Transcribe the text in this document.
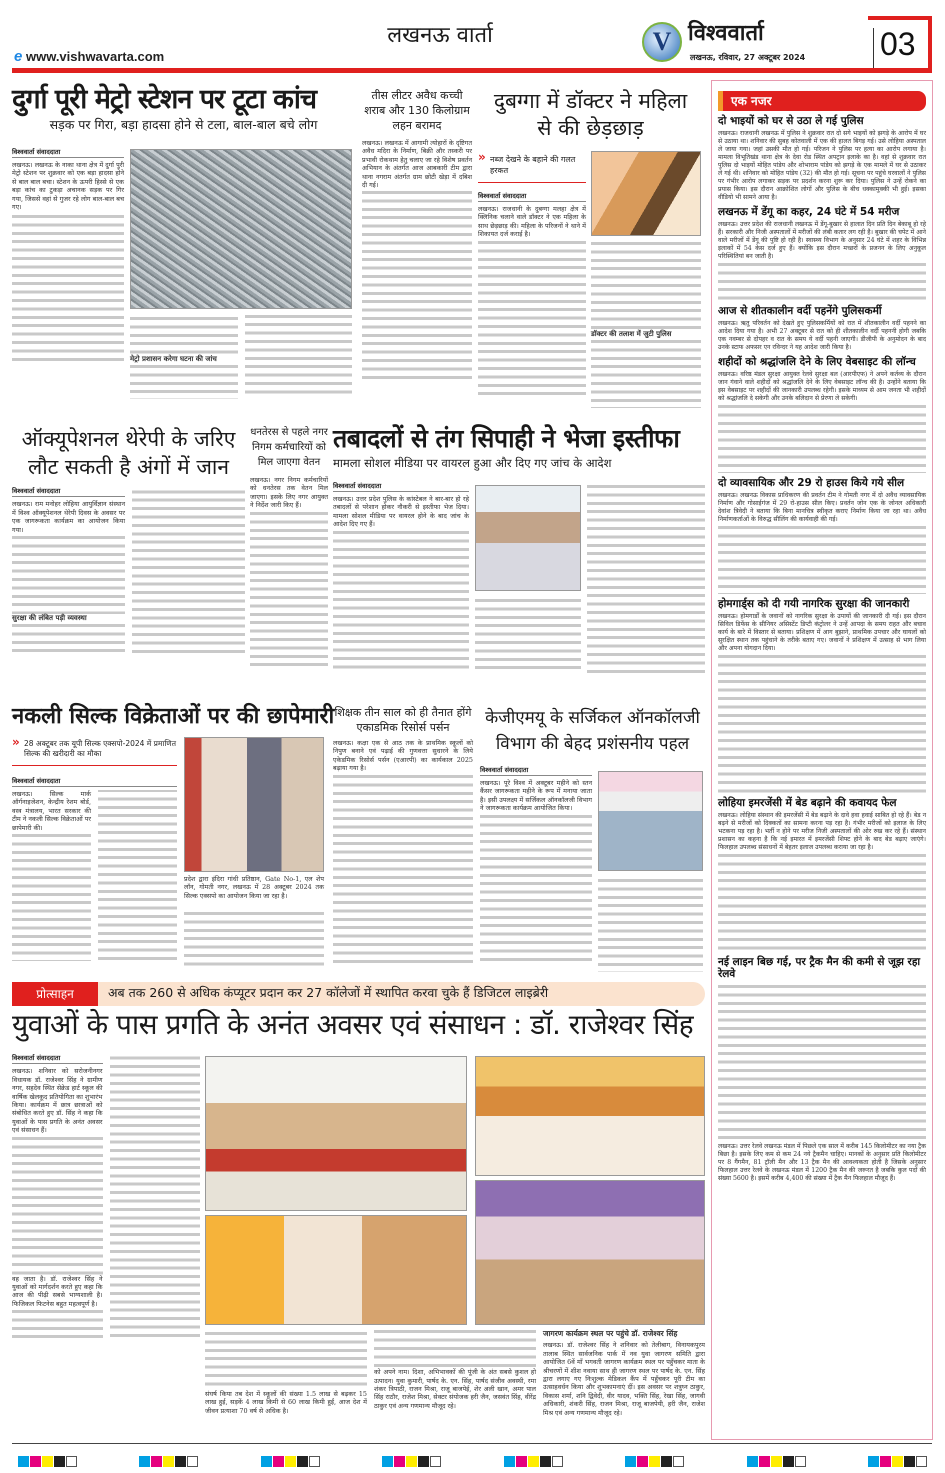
लखनऊ वार्ता
e www.vishwavarta.com
V विश्ववार्ता
लखनऊ, रविवार, 27 अक्टूबर 2024 03
दुर्गा पूरी मेट्रो स्टेशन पर टूटा कांच
सड़क पर गिरा, बड़ा हादसा होने से टला, बाल-बाल बचे लोग
विश्ववार्ता संवाददाता
लखनऊ। लखनऊ के नाका थाना क्षेत्र में दुर्गा पुरी मेट्रो स्टेशन पर शुक्रवार को एक बड़ा हादसा होने से बाल बाल बचा। स्टेशन के ऊपरी हिस्से से एक बड़ा कांच का टुकड़ा अचानक सड़क पर गिर गया, जिससे वहां से गुजर रहे लोग बाल-बाल बच गए।
मेट्रो प्रशासन करेगा घटना की जांच
तीस लीटर अवैध कच्ची शराब और 130 किलोग्राम लहन बरामद
लखनऊ। लखनऊ में आगामी त्योहारों के दृष्टिगत अवैध मदिरा के निर्माण, बिक्री और तस्करी पर प्रभावी रोकथाम हेतु चलाए जा रहे विशेष प्रवर्तन अभियान के अंतर्गत आज आबकारी टीम द्वारा थाना नगराम अंतर्गत ग्राम छोटी खेड़ा में दबिश दी गई।
दुबग्गा में डॉक्टर ने महिला से की छेड़छाड़
» नब्ज देखने के बहाने की गलत हरकत
विश्ववार्ता संवाददाता
लखनऊ। राजधानी के दुबग्गा मलहा क्षेत्र में क्लिनिक चलाने वाले डॉक्टर ने एक महिला के साथ छेड़छाड़ की। महिला के परिजनों ने थाने में शिकायत दर्ज कराई है।
डॉक्टर की तलाश में जुटी पुलिस
ऑक्यूपेशनल थेरेपी के जरिए लौट सकती है अंगों में जान
विश्ववार्ता संवाददाता
लखनऊ। राम मनोहर लोहिया आयुर्विज्ञान संस्थान में विश्व ऑक्यूपेशनल थेरेपी दिवस के अवसर पर एक जागरूकता कार्यक्रम का आयोजन किया गया।
सुरक्षा की लंबित पड़ी व्यवस्था
धनतेरस से पहले नगर निगम कर्मचारियों को मिल जाएगा वेतन
लखनऊ। नगर निगम कर्मचारियों को धनतेरस तक वेतन मिल जाएगा। इसके लिए नगर आयुक्त ने निर्देश जारी किए हैं।
तबादलों से तंग सिपाही ने भेजा इस्तीफा
मामला सोशल मीडिया पर वायरल हुआ और दिए गए जांच के आदेश
विश्ववार्ता संवाददाता
लखनऊ। उत्तर प्रदेश पुलिस के कांस्टेबल ने बार-बार हो रहे तबादलों से परेशान होकर नौकरी से इस्तीफा भेज दिया। मामला सोशल मीडिया पर वायरल होने के बाद जांच के आदेश दिए गए हैं।
नकली सिल्क विक्रेताओं पर की छापेमारी
» 28 अक्टूबर तक यूपी सिल्क एक्सपो-2024 में प्रमाणित सिल्क की खरीदारी का मौका
विश्ववार्ता संवाददाता
लखनऊ। सिल्क मार्क ऑर्गनाइजेशन, केन्द्रीय रेशम बोर्ड, वस्त्र मंत्रालय, भारत सरकार की टीम ने नकली सिल्क विक्रेताओं पर छापेमारी की।
प्रदेश द्वारा इंदिरा गांधी प्रतिष्ठान, Gate No-1, एल शेप लॉन, गोमती नगर, लखनऊ में 28 अक्टूबर 2024 तक सिल्क एक्सपो का आयोजन किया जा रहा है।
शिक्षक तीन साल को ही तैनात होंगे एकाडमिक रिसोर्स पर्सन
लखनऊ। कक्षा एक से आठ तक के प्राथमिक स्कूलों को निपुण बनाने एवं पढ़ाई की गुणवत्ता सुधारने के लिये एकेडमिक रिसोर्स पर्सन (एआरपी) का कार्यकाल 2025 बढ़ाया गया है।
केजीएमयू के सर्जिकल ऑनकॉलजी विभाग की बेहद प्रशंसनीय पहल
विश्ववार्ता संवाददाता
लखनऊ। पूरे विश्व में अक्टूबर महीने को स्तन कैंसर जागरूकता महीने के रूप में मनाया जाता है। इसी उपलक्ष्य में सर्जिकल ऑनकॉलजी विभाग ने जागरूकता कार्यक्रम आयोजित किया।
प्रोत्साहन	अब तक 260 से अधिक कंप्यूटर प्रदान कर 27 कॉलेजों में स्थापित करवा चुके हैं डिजिटल लाइब्रेरी
युवाओं के पास प्रगति के अनंत अवसर एवं संसाधन : डॉ. राजेश्वर सिंह
विश्ववार्ता संवाददाता
लखनऊ। शनिवार को सरोजनीनगर विधायक डॉ. राजेश्वर सिंह ने ग्रामीण नगर, सहदेव स्थित सेक्रेड हार्ट स्कूल की वार्षिक खेलकूद प्रतियोगिता का शुभारंभ किया। कार्यक्रम में छात्र छात्राओं को संबोधित करते हुए डॉ. सिंह ने कहा कि युवाओं के पास प्रगति के अनंत अवसर एवं संसाधन हैं।
वह जाता है। डॉ. राजेश्वर सिंह ने युवाओं को मार्गदर्शन करते हुए कहा कि आज की पीढ़ी सबसे भाग्यशाली है। फिजिकल फिटनेस बहुत महत्वपूर्ण है।
संघर्ष किया तब देश में स्कूलों की संख्या 1.5 लाख से बढ़कर 15 लाख हुई, सड़कें 4 लाख किमी से 60 लाख किमी हुईं, आज देश में जीवन प्रत्याशा 70 वर्ष से अधिक है।
को अपने नाम। दिशा, अभिभावकों की पूंजी के अंत सबसे कुशल हो उत्पादन। युवा कुमारी, पार्षद के. एन. सिंह, पार्षद संजीव अवस्थी, रमा शंकर त्रिपाठी, राजन मिश्रा, राजू बाजपेई, शेर अली खान, अमर पाल सिंह राठौर, राजेश मिश्रा, सेक्टर संयोजक हरी जैन, जसवंत सिंह, वीरेंद्र ठाकुर एवं अन्य गणमान्य मौजूद रहे।
जागरण कार्यक्रम स्थल पर पहुंचे डॉ. राजेश्वर सिंह
लखनऊ। डॉ. राजेश्वर सिंह ने शनिवार को तेलीबाग, विनायकपुरम तालाब स्थित सार्वजनिक पार्क में नव युवा जागरण समिति द्वारा आयोजित 6वें माँ भगवती जागरण कार्यक्रम स्थल पर पहुँचकर माता के श्रीचरणों में शीश नवाया साथ ही जागरण स्थल पर पार्षद के. एन. सिंह द्वारा लगाए गए निःशुल्क मेडिकल कैंप में पहुँचकर पूरी टीम का उत्साहवर्धन किया और शुभकामनाएं दीं। इस अवसर पर शत्रुघ्न ठाकुर, विकास शर्मा, शनि द्विवेदी, वीर यादव, भक्ति सिंह, रेखा सिंह, जागवी अधिकारी, शंकरी सिंह, राजन मिश्रा, राजू बाजपेयी, हरी जैन, राजेश मिश्र एवं अन्य गणमान्य मौजूद रहे।
एक नजर
दो भाइयों को घर से उठा ले गई पुलिस
लखनऊ। राजधानी लखनऊ में पुलिस ने शुक्रवार रात दो सगे भाइयों को झगड़े के आरोप में घर से उठाया था। शनिवार की सुबह कोतवाली में एक की हालत बिगड़ गई। उसे लोहिया अस्पताल ले जाया गया। जहां उसकी मौत हो गई। परिजन ने पुलिस पर हत्या का आरोप लगाया है। मामला विभूतिखंड थाना क्षेत्र के देवा रोड स्थित अपट्रान इलाके का है। वहां से शुक्रवार रात पुलिस दो भाइयों मोहित पांडेय और शोभाराम पांडेय को झगड़े के एक मामले में घर से उठाकर ले गई थी। शनिवार को मोहित पांडेय (32) की मौत हो गई। सूचना पर पहुंचे घरवालों ने पुलिस पर गंभीर आरोप लगाकर सड़क पर प्रदर्शन करना शुरू कर दिया। पुलिस ने उन्हें रोकने का प्रयास किया। इस दौरान आक्रोशित लोगों और पुलिस के बीच धक्कामुक्की भी हुई। इसका वीडियो भी सामने आया है।
लखनऊ में डेंगू का कहर, 24 घंटे में 54 मरीज
लखनऊ। उत्तर प्रदेश की राजधानी लखनऊ में डेंगू-बुखार से हालात दिन प्रति दिन बेकाबू हो रहे हैं। सरकारी और निजी अस्पतालों में मरीजों की लंबी कतार लग रही है। बुखार की चपेट में आने वाले मरीजों में डेंगू की पुष्टि हो रही है। स्वास्थ्य विभाग के अनुसार 24 घंटे में शहर के विभिन्न इलाकों में 54 केस दर्ज हुए हैं। क्योंकि इस दौरान मच्छरों के प्रजनन के लिए अनुकूल परिस्थितियां बन जाती है।
आज से शीतकालीन वर्दी पहनेंगे पुलिसकर्मी
लखनऊ। ऋतु परिवर्तन को देखते हुए पुलिसकर्मियों को रात में शीतकालीन वर्दी पहनने का आदेश दिया गया है। अभी 27 अक्टूबर से रात को ही शीतकालीन वर्दी पहननी होगी जबकि एक नवम्बर से दोपहर व रात के समय ये वर्दी पहनी जाएगी। डीजीपी के अनुमोदन के बाद उनके स्टाफ अफसर एन रविन्दर ने यह आदेश जारी किया है।
शहीदों को श्रद्धांजलि देने के लिए वेबसाइट की लॉन्च
लखनऊ। वरिष्ठ मंडल सुरक्षा आयुक्त रेलवे सुरक्षा बल (आरपीएफ) ने अपने कर्तव्य के दौरान जान गंवाने वाले शहीदों को श्रद्धांजलि देने के लिए वेबसाइट लॉन्च की है। उन्होंने बताया कि इस वेबसाइट पर शहीदों की जानकारी उपलब्ध रहेगी। इसके माध्यम से आम जनता भी शहीदों को श्रद्धांजलि दे सकेगी और उनके बलिदान से प्रेरणा ले सकेगी।
दो व्यावसायिक और 29 रो हाउस किये गये सील
लखनऊ। लखनऊ विकास प्राधिकरण की प्रवर्तन टीम ने गोमती नगर में दो अवैध व्यावसायिक निर्माण और गोसाईगंज में 29 रो-हाउस सील किए। प्रवर्तन जोन एक के जोनल अधिकारी देवांश त्रिवेदी ने बताया कि बिना मानचित्र स्वीकृत कराए निर्माण किया जा रहा था। अवैध निर्माणकर्ताओं के विरुद्ध सीलिंग की कार्यवाही की गई।
होमगार्ड्स को दी गयी नागरिक सुरक्षा की जानकारी
लखनऊ। होमगार्डों के जवानों को नागरिक सुरक्षा के उपायों की जानकारी दी गई। इस दौरान सिविल डिफेंस के सीनियर असिस्टेंट डिप्टी कंट्रोलर ने उन्हें आपदा के समय राहत और बचाव कार्य के बारे में विस्तार से बताया। प्रशिक्षण में आग बुझाने, प्राथमिक उपचार और घायलों को सुरक्षित स्थान तक पहुंचाने के तरीके बताए गए। जवानों ने प्रशिक्षण में उत्साह से भाग लिया और अपना योगदान दिया।
लोहिया इमरजेंसी में बेड बढ़ाने की कवायद फेल
लखनऊ। लोहिया संस्थान की इमरजेंसी में बेड बढ़ाने के दावे हवा हवाई साबित हो रहे हैं। बेड न बढ़ने से मरीजों को दिक्कतों का सामना करना पड़ रहा है। गंभीर मरीजों को इलाज के लिए भटकना पड़ रहा है। भर्ती न होने पर मरीज निजी अस्पतालों की ओर रुख कर रहे हैं। संस्थान प्रशासन का कहना है कि नई इमारत में इमरजेंसी शिफ्ट होने के बाद बेड बढ़ाए जाएंगे। फिलहाल उपलब्ध संसाधनों में बेहतर इलाज उपलब्ध कराया जा रहा है।
नई लाइन बिछ गई, पर ट्रैक मैन की कमी से जूझ रहा रेलवे
लखनऊ। उत्तर रेलवे लखनऊ मंडल में पिछले एक साल में करीब 145 किलोमीटर का नया ट्रैक बिछा है। इसके लिए कम से कम 24 नये ट्रैकमैन चाहिए। मानकों के अनुसार प्रति किलोमीटर पर 8 गैंगमैन, 81 ट्रॉली मैन और 13 ट्रैक मैन की आवश्यकता होती है जिसके अनुसार फिलहाल उत्तर रेलवे के लखनऊ मंडल में 1200 ट्रैक मैन की जरूरत है जबकि कुल पदों की संख्या 5600 है। इसमें करीब 4,400 की संख्या में ट्रैक मैन फिलहाल मौजूद हैं।
